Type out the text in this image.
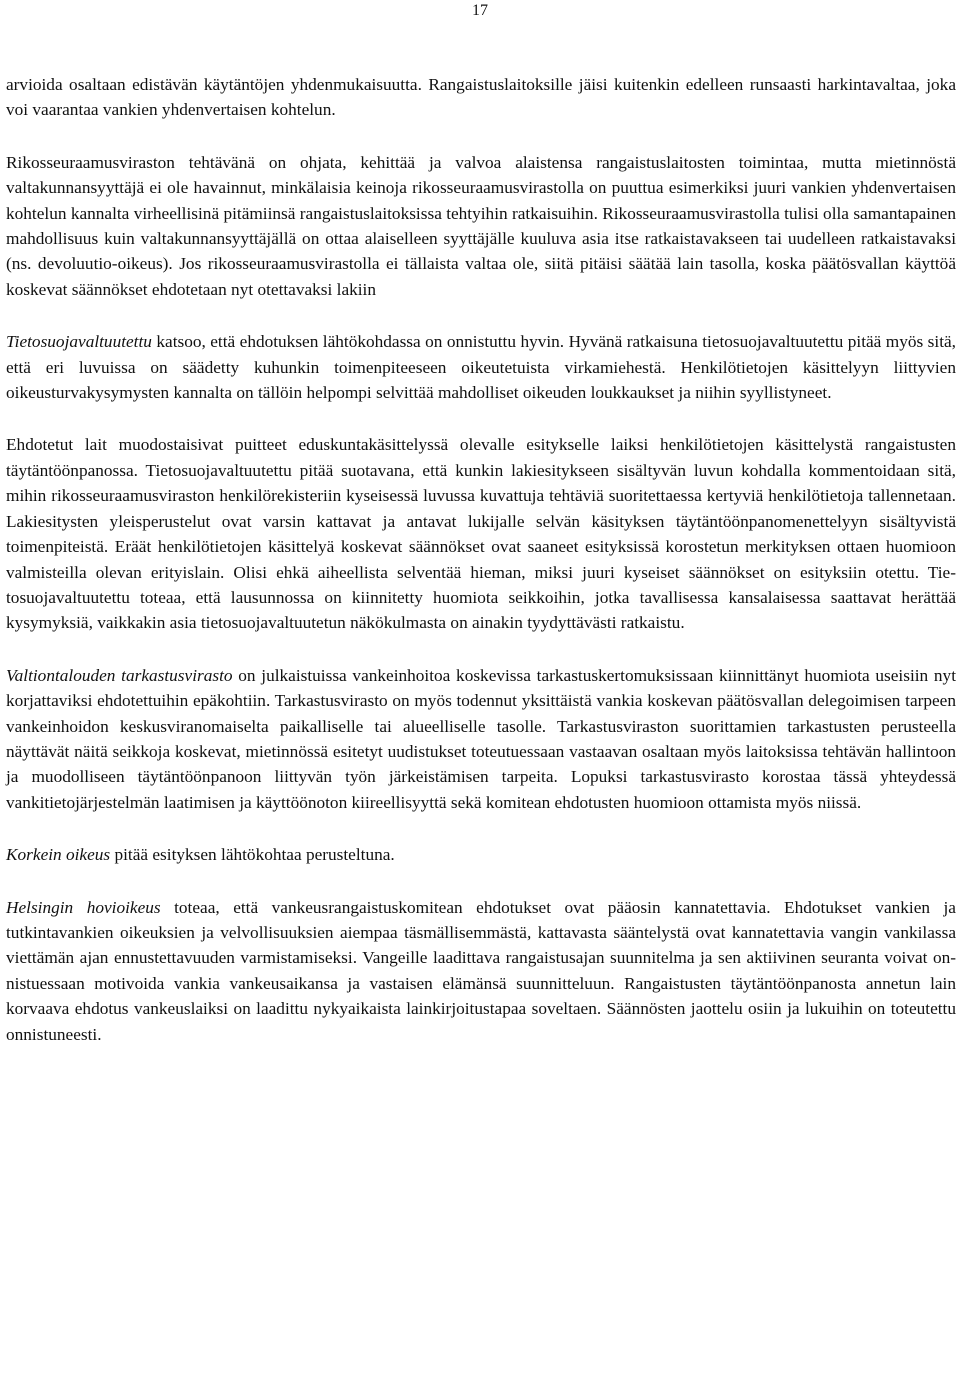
17

arvioida osaltaan edistävän käytäntöjen yhdenmukaisuutta. Rangaistuslaitoksille jäisi kuitenkin edelleen runsaasti harkintavaltaa, joka voi vaarantaa vankien yhdenvertaisen kohtelun.

Rikosseuraamusviraston tehtävänä on ohjata, kehittää ja valvoa alaistensa rangaistuslaitosten toimintaa, mutta mietinnöstä valtakunnansyyttäjä ei ole havainnut, minkälaisia keinoja rikosseuraamusvirastolla on puuttua esimerkiksi juuri vankien yhdenvertaisen kohtelun kannalta virheellisinä pitämiinsä rangaistuslaitoksissa tehtyihin ratkaisuihin. Rikosseuraamusvirastolla tulisi olla samantapainen mahdollisuus kuin valtakunnansyyttäjällä on ottaa alaiselleen syyttäjälle kuuluva asia itse ratkaistavakseen tai uudelleen ratkaistavaksi (ns. devoluutio-oikeus). Jos rikosseuraamusvirastolla ei tällaista valtaa ole, siitä pitäisi säätää lain tasolla, koska päätösvallan käyttöä koskevat säännökset ehdotetaan nyt otettavaksi lakiin

Tietosuojavaltuutettu katsoo, että ehdotuksen lähtökohdassa on onnistuttu hyvin. Hyvänä ratkaisuna tietosuojavaltuutettu pitää myös sitä, että eri luvuissa on säädetty kuhunkin toimenpiteeseen oikeutetuista virkamiehestä. Henkilötietojen käsittelyyn liittyvien oikeusturvakysymysten kannalta on tällöin helpompi selvittää mahdolliset oikeuden loukkaukset ja niihin syyllistyneet.

Ehdotetut lait muodostaisivat puitteet eduskuntakäsittelyssä olevalle esitykselle laiksi henkilötietojen käsittelystä rangaistusten täytäntöönpanossa. Tietosuojavaltuutettu pitää suotavana, että kunkin lakiesitykseen sisältyvän luvun kohdalla kommentoidaan sitä, mihin rikosseuraamusviraston henkilörekisteriin kyseisessä luvussa kuvattuja tehtäviä suoritettaessa kertyviä henkilötietoja tallennetaan. Lakiesitysten yleisperustelut ovat varsin kattavat ja antavat lukijalle selvän käsityksen täytäntöönpanomenettelyyn sisältyvistä toimenpiteistä. Eräät henkilötietojen käsittelyä koskevat säännökset ovat saaneet esityksissä korostetun merkityksen ottaen huomioon valmisteilla olevan erityislain. Olisi ehkä aiheellista selventää hieman, miksi juuri kyseiset säännökset on esityksiin otettu. Tietosuojavaltuutettu toteaa, että lausunnossa on kiinnitetty huomiota seikkoihin, jotka tavallisessa kansalaisessa saattavat herättää kysymyksiä, vaikkakin asia tietosuojavaltuutetun näkökulmasta on ainakin tyydyttävästi ratkaistu.

Valtiontalouden tarkastusvirasto on julkaistuissa vankeinhoitoa koskevissa tarkastuskertomuksissaan kiinnittänyt huomiota useisiin nyt korjattaviksi ehdotettuihin epäkohtiin. Tarkastusvirasto on myös todennut yksittäistä vankia koskevan päätösvallan delegoimisen tarpeen vankeinhoidon keskusviranomaiselta paikalliselle tai alueelliselle tasolle. Tarkastusviraston suorittamien tarkastusten perusteella näyttävät näitä seikkoja koskevat, mietinnössä esitetyt uudistukset toteutuessaan vastaavan osaltaan myös laitoksissa tehtävän hallintoon ja muodolliseen täytäntöönpanoon liittyvän työn järkeistämisen tarpeita. Lopuksi tarkastusvirasto korostaa tässä yhteydessä vankitietojärjestelmän laatimisen ja käyttöönoton kiireellisyyttä sekä komitean ehdotusten huomioon ottamista myös niissä.

Korkein oikeus pitää esityksen lähtökohtaa perusteltuna.

Helsingin hovioikeus toteaa, että vankeusrangaistuskomitean ehdotukset ovat pääosin kannatettavia. Ehdotukset vankien ja tutkintavankien oikeuksien ja velvollisuuksien aiempaa täsmällisemmästä, kattavasta sääntelystä ovat kannatettavia vangin vankilassa viettämän ajan ennustettavuuden varmistamiseksi. Vangeille laadittava rangaistusajan suunnitelma ja sen aktiivinen seuranta voivat onnistuessaan motivoida vankia vankeusaikansa ja vastaisen elämänsä suunnitteluun. Rangaistusten täytäntöönpanosta annetun lain korvaava ehdotus vankeuslaiksi on laadittu nykyaikaista lainkirjoitustapaa soveltaen. Säännösten jaottelu osiin ja lukuihin on toteutettu onnistuneesti.
